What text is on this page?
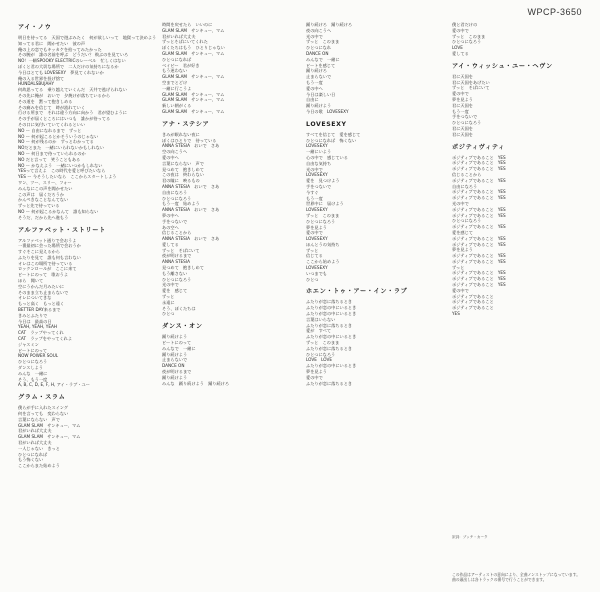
WPCP-3650
アイ・ノウ
明日を待ってる　天国で遊ぶみたく　何が欲しいって　地獄って決めよう
知ってる君に　聞かせたい　彼の声
俺の上の恋でもキッカケを拾ってみたかった
その腕が　誰の名前を呼ぶ　どうだい？ 飛ぶのを見ていろ
NO！一瞬SPOOKY ELECTRICのレーベル　忙しくはない
ぼくと君の大切な場所で　二人だけの気持ちになるか
今日はとても LOVESEXY　夢見てくれないか
俺の入る世界を投げ捨て
HUNDALSBUJAHY
何故思ってる　乗り越えていくんだ　天井で逃げられない
その先に俺が　おいで　夕焼けが落ちているから
その道を　黙って抱きしめる
その痛みを信じて　時が流れていく
行ける所まで　それは違う方向に向かう　君が望むように
その手が届くところにはいつも　誰かが待ってる
その口に気付いていてくれるといい
NO ー 自由になれるまで　ずっと
NO ー 何が起こるとかそういうのじゃない
NO ー 何が残るのか　ずっとわかってる
NOだとまた　一緒にいられないかもしれない
NO ー 何日まで待っていられるのか
NO だと言って　笑うこともある
NO ー かなえよう　一緒にいつかもしれない
YESって言えよ　この時代を愛と呼びたいなら
YES ー 今そうしたいなら　ここからスタートしよう
ワン、ツー、スリー、フォー
みんなにこの声を聞かせたい
この声は　届くだろうか
かんぺきなことなんてない
ずっと先で待っている
NO ー 何が起こるかなんて　誰も知らない
そうだ、だから先へ進もう
アルファベット・ストリート
アルファベット通りで会おうよ
一番最初に会った場所で会おうか
すぐそこに見えるから
ふたりを見て　誰も何も言わない
オレはこの場所で待っている
ロックンロールが　ここに来て
ビートにのって　歌おうよ
ほら　聞いて
空にうかんだ月みたいに
そのまま立ち止まらないで
オレについてきな
もっと高く　もっと遠く
BETTER DAY来るまで
きみとふたりで
今日は　最高の日
YEAH, YEAH, YEAH
CAT　ラップやってくれ
CAT　ラップをやってくれよ
ジャスミン
ビートにのって
NOW POWER SOUL
ひとつになろう
ダンスしよう
みんな　一緒に
そう、もう一度
A, B, C, D, E, F, H, アイ・ラブ・ユー
グラム・スラム
僕らが手に入れたスイング
何を言っても　変わらない
言葉にならない　声で
GLAM SLAM　サンキュー、マム
君がいれば大丈夫
GLAM SLAM　サンキュー、マム
君がいれば大丈夫
一人じゃない　きっと
ひとつになれば
もう怖くない
ここからまた始めよう
時間を戻せたら　いいのに
GLAM SLAM　サンキュー、マム
君がいれば大丈夫
ずっとそばにいてくれた
ぼくたちはもう　ひとりじゃない
GLAM SLAM　サンキュー、マム
ひとつになれば
ベイビー　君が好き
もう迷わない
GLAM SLAM　サンキュー、マム
空までとどけ
一緒に行こうよ
GLAM SLAM　サンキュー、マム
GLAM SLAM　サンキュー、マム
新しい朝がくる
GLAM SLAM　サンキュー、マム
アナ・ステシア
きみが眠れない夜に
ぼくはひとりで　待っている
ANNA STESIA　おいで　さあ
空の向こうへ
愛の中へ
言葉にならない　声で
見つめて　抱きしめて
この夜は　終わらない
君の瞳に　映るもの
ANNA STESIA　おいで　さあ
自由になろう
ひとつになろう
もう一度　始めよう
ANNA STESIA　おいで　さあ
夢の中へ
手をつないで
あの空へ
信じることから
ANNA STESIA　おいで　さあ
愛してる
ずっと　そばにいて
夜が明けるまで
ANNA STESIA
見つめて　抱きしめて
もう離さない
ひとつになろう
光の中で
愛を　感じて
ずっと
永遠に
そう、ぼくたちは
ひとつ
ダンス・オン
踊り続けよう
ビートにのって
みんなで　一緒に
踊り続けよう
止まらないで
DANCE ON
夜が明けるまで
踊り続けよう
みんな　踊り続けよう　踊り続けろ
踊り続けろ　踊り続けろ
夜の向こうへ
光の中で
ずっと　このまま
ひとつになれ
DANCE ON
みんなで　一緒に
ビートを感じて
踊り続けろ
止まらないで
もう一度
愛の中へ
今日は楽しい日
自由に
踊り続けよう
今日の歌　LOVESEXY
LOVESEXY
すべてを信じて　愛を感じて
ひとつになれば　怖くない
LOVESEXY
一緒にいよう
心の中で　感じている
自由な気持ち
光の中で
LOVESEXY
愛を　見つけよう
手をつないで
今すぐ
もう一度
世界中に　届けよう
LOVESEXY
ずっと　このまま
ひとつになろう
夢を見よう
愛の中で
LOVESEXY
ほんとうの気持ち
ずっと
信じてる
ここから始めよう
LOVESEXY
いつまでも
ひとつ
ホエン・トゥ・アー・イン・ラブ
ふたりが恋に落ちるとき
ふたりが恋の中にいるとき
ふたりが恋の中にいるとき
言葉はいらない
ふたりが恋に落ちるとき
愛が　すべて
ふたりが恋の中にいるとき
ずっと　このまま
ふたりが恋に落ちるとき
ひとつになろう
LOVE　LOVE
ふたりが恋の中にいるとき
夢を見よう
愛の中で
ふたりが恋に落ちるとき
僕と君だけの
愛の中で
ずっと　このまま
ひとつになろう
LOVE
愛してる
アイ・ウィッシュ・ユー・ヘヴン
君に天国を
君に天国をあげたい
ずっと　そばにいて
愛の中で
夢を見よう
君に天国を
もう一度
手をつないで
ひとつになろう
君に天国を
君に天国を
ポジティヴィティ
ポジティブであること　YES
ポジティブであること　YES
ポジティブであること　YES
信じることから
ポジティブであること　YES
自由になろう
ポジティブであること　YES
ポジティブであること　YES
光の中で
ポジティブであること　YES
ポジティブであること　YES
ひとつになろう
ポジティブであること　YES
愛を感じて
ポジティブであること　YES
ポジティブであること　YES
夢を見よう
ポジティブであること　YES
ポジティブであること　YES
ずっと
ポジティブであること　YES
ポジティブであること　YES
ポジティブであること　YES
愛の中で
ポジティブであること
ポジティブであること
ポジティブであること
YES
訳詞：ブッチ・カーク
この作品はアーティストの意向により、全曲ノンストップになっています。
曲の頭出しは各トラックの番号で行うことができます。
